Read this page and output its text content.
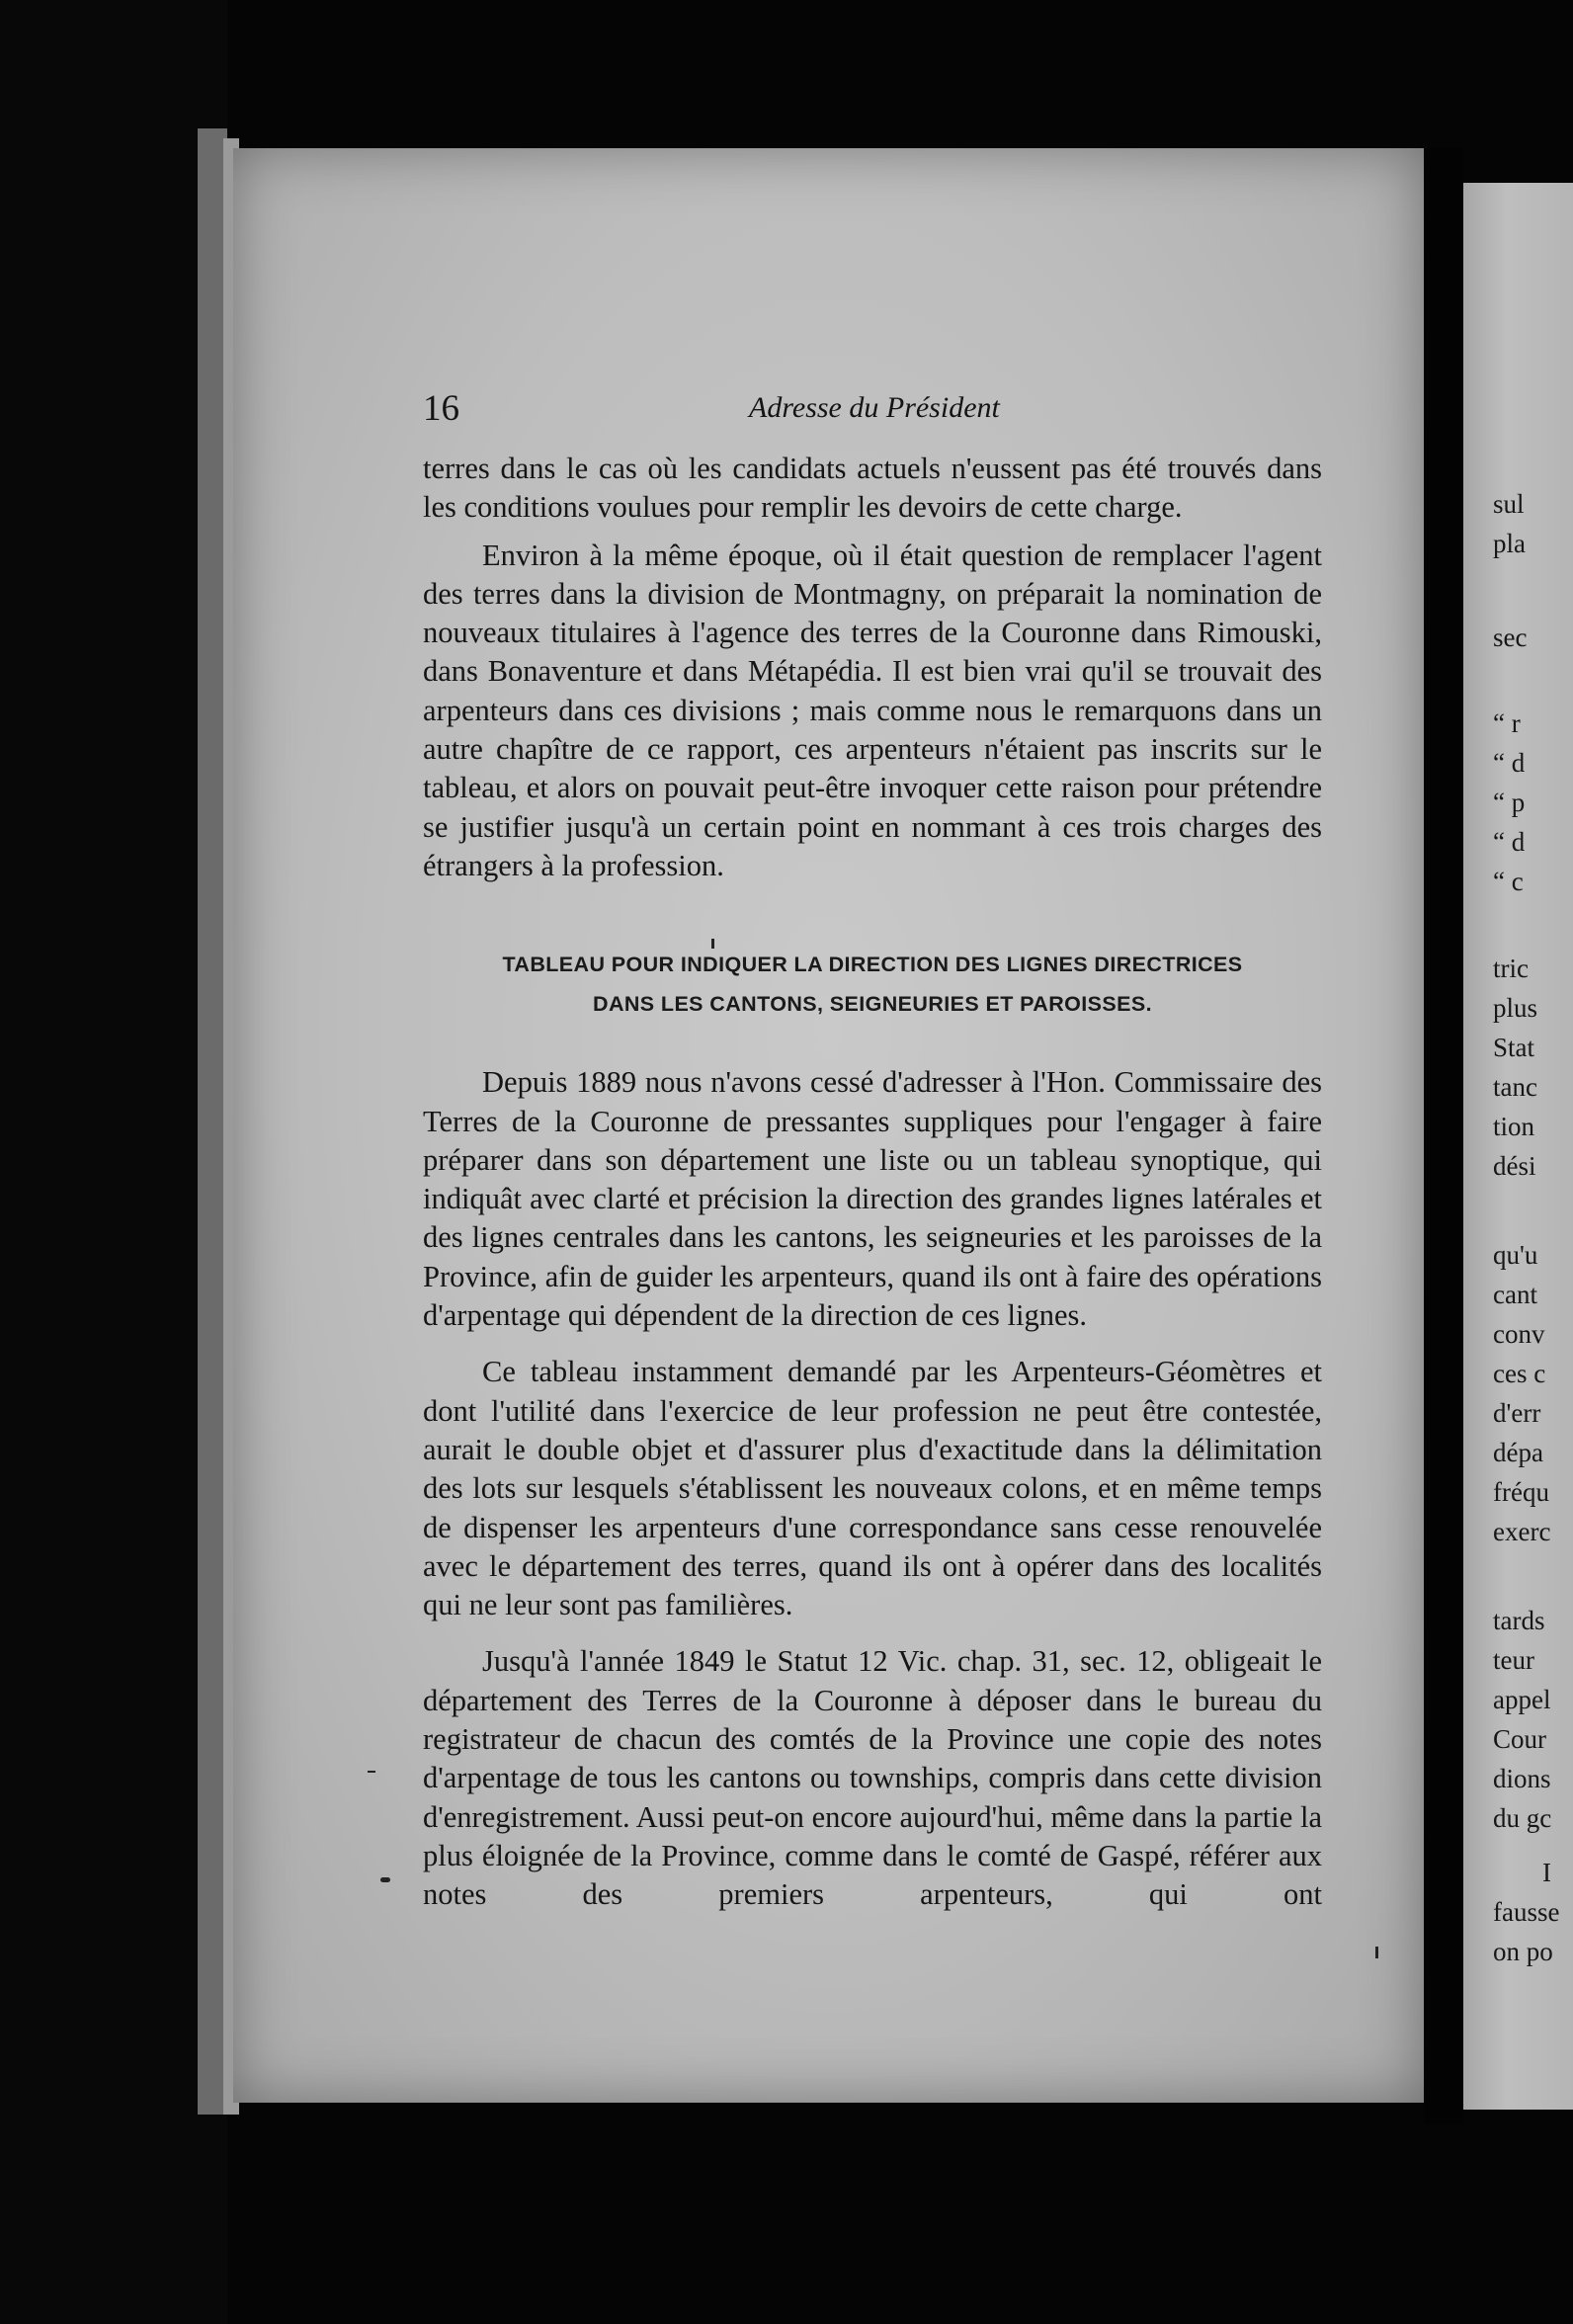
sul
pla
sec
“ r
“ d
“ p
“ d
“ c
tric
plus
Stat
tanc
tion
dési
qu'u
cant
conv
ces c
d'err
dépa
fréqu
exerc
tards
teur
appel
Cour
dions
du gc
I
fausse
on po
16	Adresse du Président

terres dans le cas où les candidats actuels n'eussent pas été trouvés dans les conditions voulues pour remplir les devoirs de cette charge.

Environ à la même époque, où il était question de remplacer l'agent des terres dans la division de Montmagny, on préparait la nomination de nouveaux titulaires à l'agence des terres de la Couronne dans Rimouski, dans Bonaventure et dans Métapédia. Il est bien vrai qu'il se trouvait des arpenteurs dans ces divisions ; mais comme nous le remarquons dans un autre chapître de ce rapport, ces arpenteurs n'étaient pas inscrits sur le tableau, et alors on pouvait peut-être invoquer cette raison pour prétendre se justifier jusqu'à un certain point en nommant à ces trois charges des étrangers à la profession.

TABLEAU POUR INDIQUER LA DIRECTION DES LIGNES DIRECTRICES
DANS LES CANTONS, SEIGNEURIES ET PAROISSES.

Depuis 1889 nous n'avons cessé d'adresser à l'Hon. Commissaire des Terres de la Couronne de pressantes suppliques pour l'engager à faire préparer dans son département une liste ou un tableau synoptique, qui indiquât avec clarté et précision la direction des grandes lignes latérales et des lignes centrales dans les cantons, les seigneuries et les paroisses de la Province, afin de guider les arpenteurs, quand ils ont à faire des opérations d'arpentage qui dépendent de la direction de ces lignes.

Ce tableau instamment demandé par les Arpenteurs-Géomètres et dont l'utilité dans l'exercice de leur profession ne peut être contestée, aurait le double objet et d'assurer plus d'exactitude dans la délimitation des lots sur lesquels s'établissent les nouveaux colons, et en même temps de dispenser les arpenteurs d'une correspondance sans cesse renouvelée avec le département des terres, quand ils ont à opérer dans des localités qui ne leur sont pas familières.

Jusqu'à l'année 1849 le Statut 12 Vic. chap. 31, sec. 12, obligeait le département des Terres de la Couronne à déposer dans le bureau du registrateur de chacun des comtés de la Province une copie des notes d'arpentage de tous les cantons ou townships, compris dans cette division d'enregistrement. Aussi peut-on encore aujourd'hui, même dans la partie la plus éloignée de la Province, comme dans le comté de Gaspé, référer aux notes des premiers arpenteurs, qui ont
